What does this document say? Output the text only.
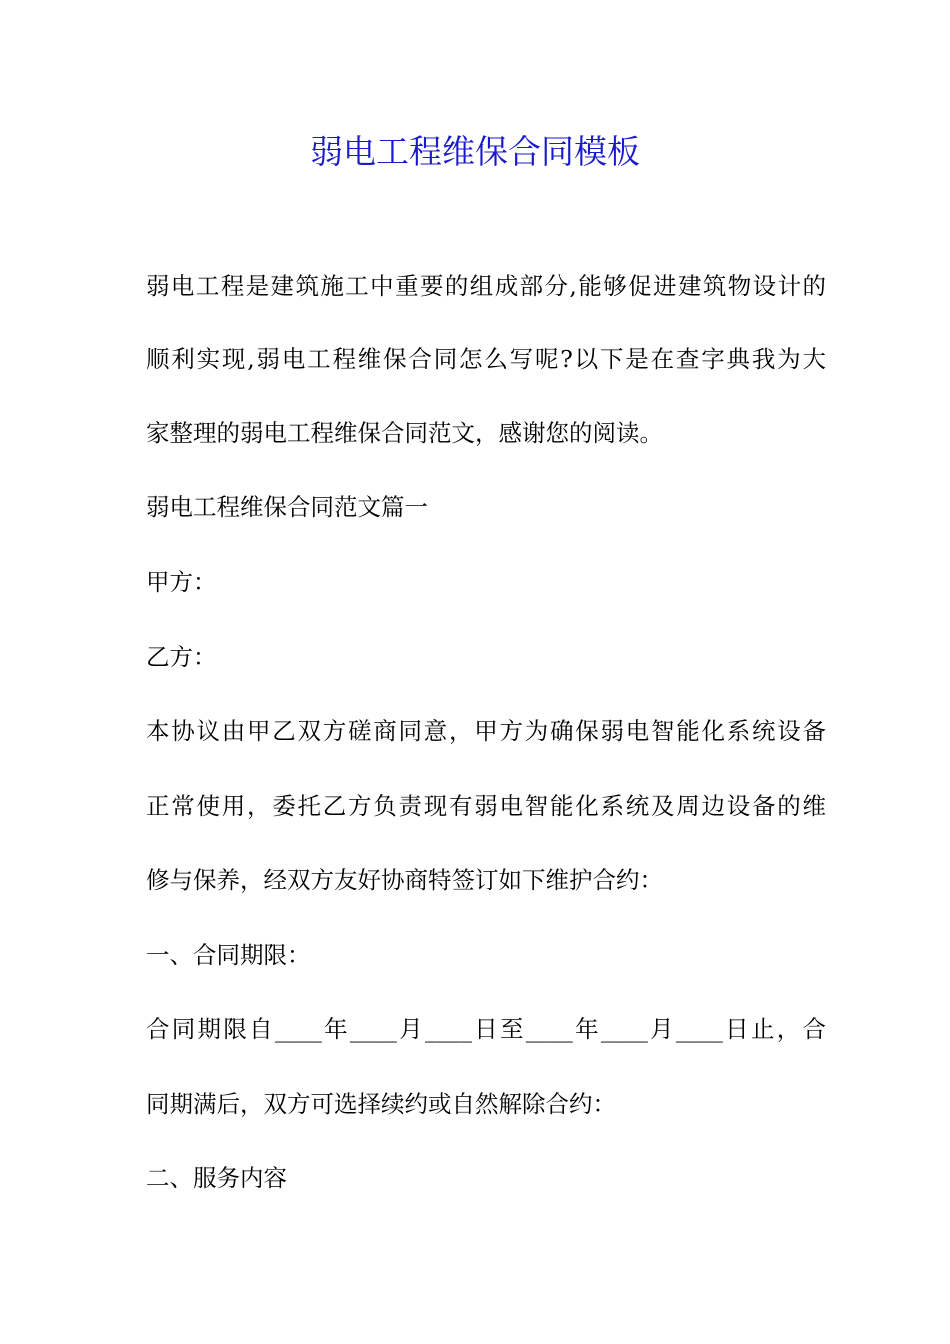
弱电工程维保合同模板
弱电工程是建筑施工中重要的组成部分,能够促进建筑物设计的
顺利实现,弱电工程维保合同怎么写呢?以下是在查字典我为大
家整理的弱电工程维保合同范文，感谢您的阅读。
弱电工程维保合同范文篇一
甲方：
乙方：
本协议由甲乙双方磋商同意，甲方为确保弱电智能化系统设备
正常使用，委托乙方负责现有弱电智能化系统及周边设备的维
修与保养，经双方友好协商特签订如下维护合约：
一、合同期限：
合同期限自____年____月____日至____年____月____日止，合
同期满后，双方可选择续约或自然解除合约：
二、服务内容
